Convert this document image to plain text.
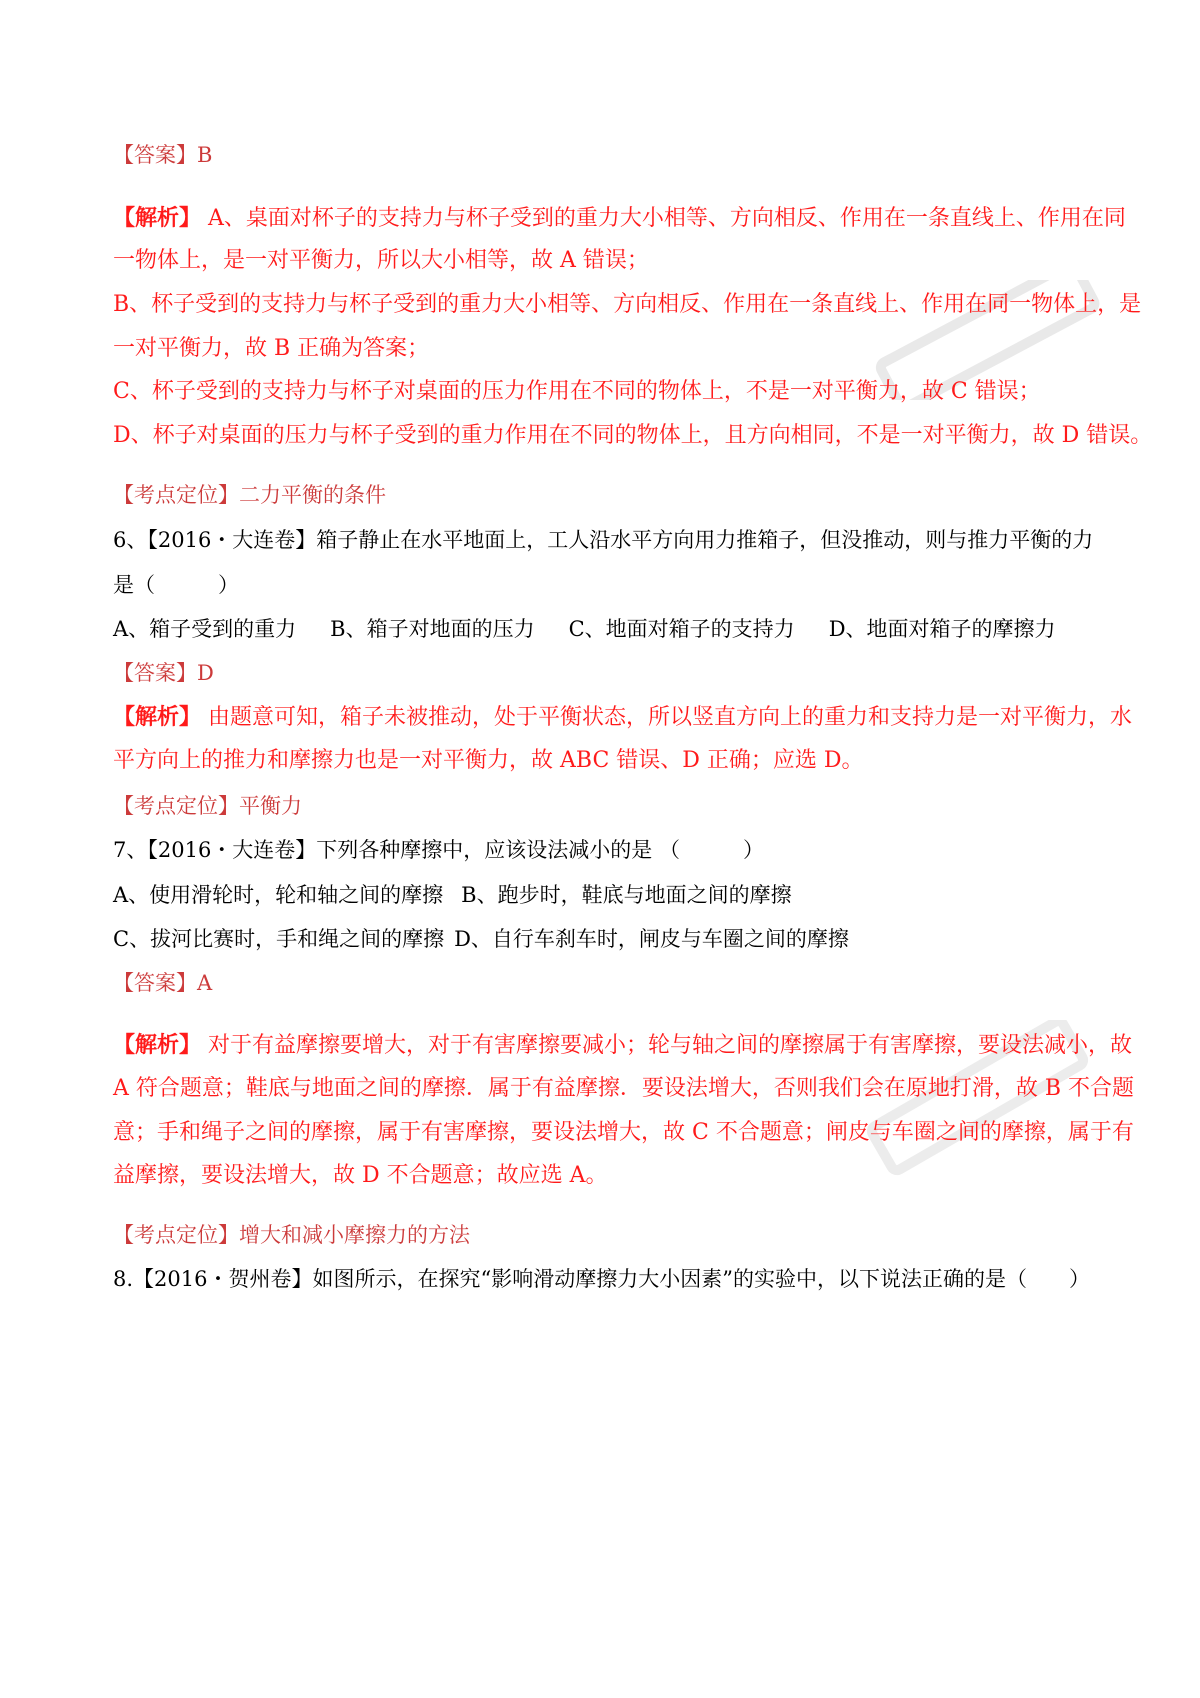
【答案】B
【解析】 A、桌面对杯子的支持力与杯子受到的重力大小相等、方向相反、作用在一条直线上、作用在同
一物体上，是一对平衡力，所以大小相等，故 A 错误；
B、杯子受到的支持力与杯子受到的重力大小相等、方向相反、作用在一条直线上、作用在同一物体上，是
一对平衡力，故 B 正确为答案；
C、杯子受到的支持力与杯子对桌面的压力作用在不同的物体上，不是一对平衡力，故 C 错误；
D、杯子对桌面的压力与杯子受到的重力作用在不同的物体上，且方向相同，不是一对平衡力，故 D 错误。
【考点定位】二力平衡的条件
6、【2016・大连卷】箱子静止在水平地面上，工人沿水平方向用力推箱子，但没推动，则与推力平衡的力
是（　　　）
A、箱子受到的重力 B、箱子对地面的压力 C、地面对箱子的支持力 D、地面对箱子的摩擦力
【答案】D
【解析】 由题意可知，箱子未被推动，处于平衡状态，所以竖直方向上的重力和支持力是一对平衡力，水
平方向上的推力和摩擦力也是一对平衡力，故 ABC 错误、D 正确；应选 D。
【考点定位】平衡力
7、【2016・大连卷】下列各种摩擦中，应该设法减小的是 （　　　）
A、使用滑轮时，轮和轴之间的摩擦 B、跑步时，鞋底与地面之间的摩擦
C、拔河比赛时，手和绳之间的摩擦 D、自行车刹车时，闸皮与车圈之间的摩擦
【答案】A
【解析】 对于有益摩擦要增大，对于有害摩擦要减小；轮与轴之间的摩擦属于有害摩擦，要设法减小，故
A 符合题意；鞋底与地面之间的摩擦．属于有益摩擦．要设法增大，否则我们会在原地打滑，故 B 不合题
意；手和绳子之间的摩擦，属于有害摩擦，要设法增大，故 C 不合题意；闸皮与车圈之间的摩擦，属于有
益摩擦，要设法增大，故 D 不合题意；故应选 A。
【考点定位】增大和减小摩擦力的方法
8.【2016・贺州卷】如图所示，在探究“影响滑动摩擦力大小因素”的实验中，以下说法正确的是（　　）
